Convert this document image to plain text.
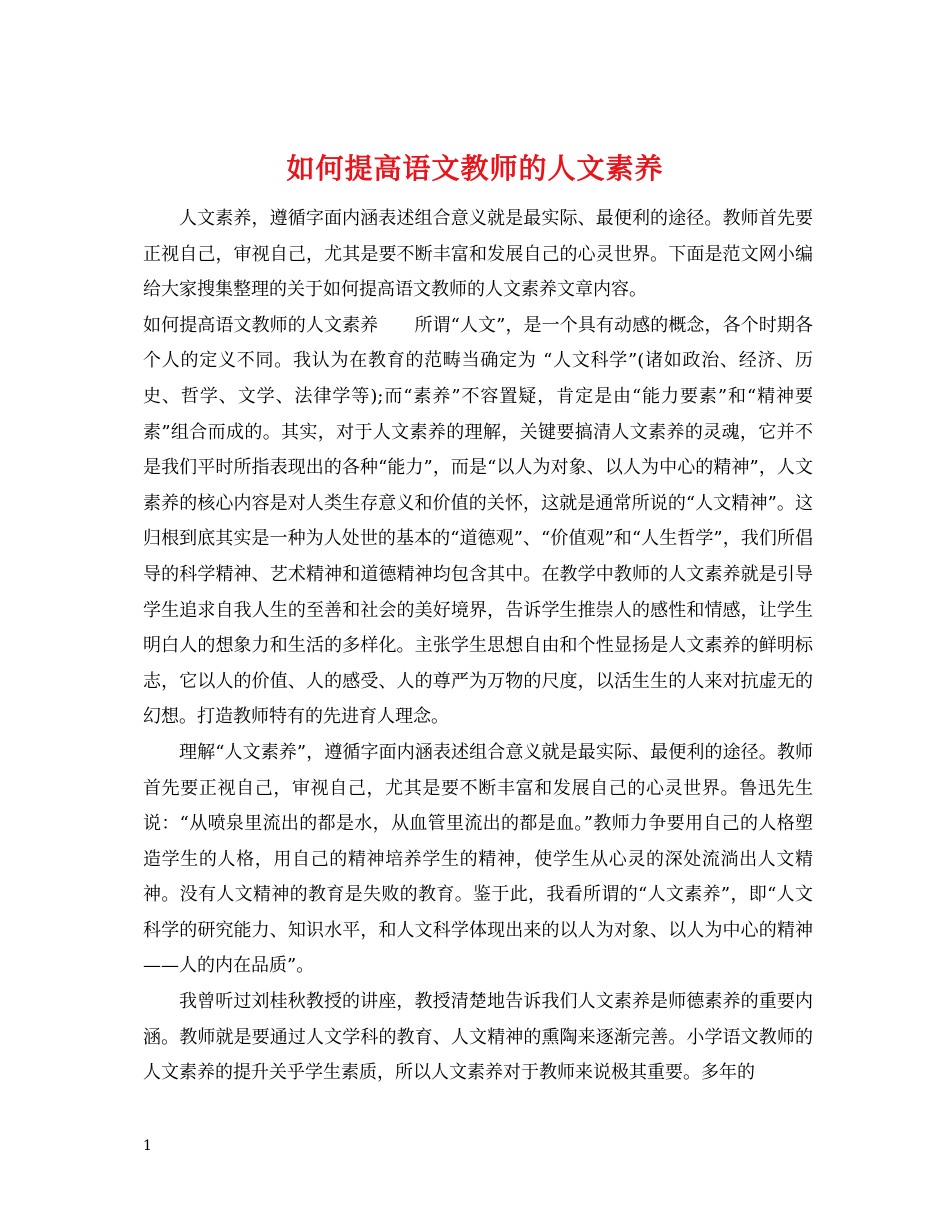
如何提高语文教师的人文素养

人文素养，遵循字面内涵表述组合意义就是最实际、最便利的途径。教师首先要正视自己，审视自己，尤其是要不断丰富和发展自己的心灵世界。下面是范文网小编给大家搜集整理的关于如何提高语文教师的人文素养文章内容。

如何提高语文教师的人文素养　　所谓“人文”，是一个具有动感的概念，各个时期各个人的定义不同。我认为在教育的范畴当确定为 “人文科学”(诸如政治、经济、历史、哲学、文学、法律学等);而“素养”不容置疑，肯定是由“能力要素”和“精神要素”组合而成的。其实，对于人文素养的理解，关键要搞清人文素养的灵魂，它并不是我们平时所指表现出的各种“能力”，而是“以人为对象、以人为中心的精神”，人文素养的核心内容是对人类生存意义和价值的关怀，这就是通常所说的“人文精神”。这归根到底其实是一种为人处世的基本的“道德观”、“价值观”和“人生哲学”，我们所倡导的科学精神、艺术精神和道德精神均包含其中。在教学中教师的人文素养就是引导学生追求自我人生的至善和社会的美好境界，告诉学生推崇人的感性和情感，让学生明白人的想象力和生活的多样化。主张学生思想自由和个性显扬是人文素养的鲜明标志，它以人的价值、人的感受、人的尊严为万物的尺度，以活生生的人来对抗虚无的幻想。打造教师特有的先进育人理念。

理解“人文素养”，遵循字面内涵表述组合意义就是最实际、最便利的途径。教师首先要正视自己，审视自己，尤其是要不断丰富和发展自己的心灵世界。鲁迅先生说：“从喷泉里流出的都是水，从血管里流出的都是血。”教师力争要用自己的人格塑造学生的人格，用自己的精神培养学生的精神，使学生从心灵的深处流淌出人文精神。没有人文精神的教育是失败的教育。鉴于此，我看所谓的“人文素养”，即“人文科学的研究能力、知识水平，和人文科学体现出来的以人为对象、以人为中心的精神——人的内在品质”。

我曾听过刘桂秋教授的讲座，教授清楚地告诉我们人文素养是师德素养的重要内涵。教师就是要通过人文学科的教育、人文精神的熏陶来逐渐完善。小学语文教师的人文素养的提升关乎学生素质，所以人文素养对于教师来说极其重要。多年的

1
